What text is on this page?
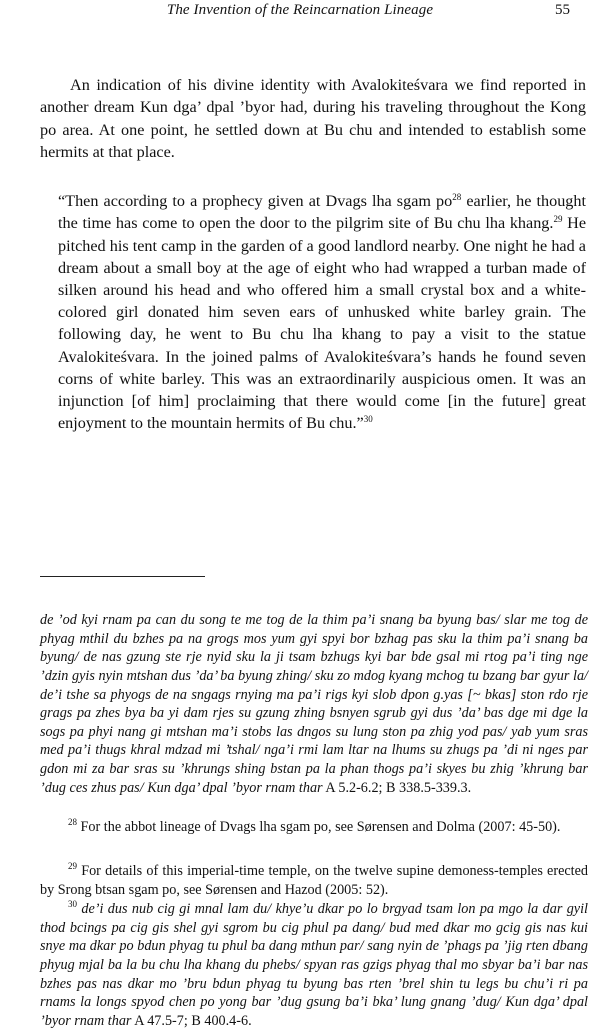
The Invention of the Reincarnation Lineage	55

An indication of his divine identity with Avalokiteśvara we find reported in another dream Kun dga’ dpal ’byor had, during his traveling throughout the Kong po area. At one point, he settled down at Bu chu and intended to establish some hermits at that place.

“Then according to a prophecy given at Dvags lha sgam $po^{28}$ earlier, he thought the time has come to open the door to the pilgrim site of Bu chu lha khang.$^{29}$ He pitched his tent camp in the garden of a good landlord nearby. One night he had a dream about a small boy at the age of eight who had wrapped a turban made of silken around his head and who offered him a small crystal box and a white-colored girl donated him seven ears of unhusked white barley grain. The following day, he went to Bu chu lha khang to pay a visit to the statue Avalokiteśvara. In the joined palms of Avalokiteśvara’s hands he found seven corns of white barley. This was an extraordinarily auspicious omen. It was an injunction [of him] proclaiming that there would come [in the future] great enjoyment to the mountain hermits of Bu chu.”$^{30}$

de ’od kyi rnam pa can du song te me tog de la thim pa’i snang ba byung bas/ slar me tog de phyag mthil du bzhes pa na grogs mos yum gyi spyi bor bzhag pas sku la thim pa’i snang ba byung/ de nas gzung ste rje nyid sku la ji tsam bzhugs kyi bar bde gsal mi rtog pa’i ting nge ’dzin gyis nyin mtshan dus ’da’ ba byung zhing/ sku zo mdog kyang mchog tu bzang bar gyur la/ de’i tshe sa phyogs de na sngags rnying ma pa’i rigs kyi slob dpon g.yas [~ bkas] ston rdo rje grags pa zhes bya ba yi dam rjes su gzung zhing bsnyen sgrub gyi dus ’da’ bas dge mi dge la sogs pa phyi nang gi mtshan ma’i stobs las dngos su lung ston pa zhig yod pas/ yab yum sras med pa’i thugs khral mdzad mi ’tshal/ nga’i rmi lam ltar na lhums su zhugs pa ’di ni nges par gdon mi za bar sras su ’khrungs shing bstan pa la phan thogs pa’i skyes bu zhig ’khrung bar ’dug ces zhus pas/ Kun dga’ dpal ’byor rnam thar A 5.2-6.2; B 338.5-339.3.

$^{28}$ For the abbot lineage of Dvags lha sgam po, see Sørensen and Dolma (2007: 45-50).

$^{29}$ For details of this imperial-time temple, on the twelve supine demoness-temples erected by Srong btsan sgam po, see Sørensen and Hazod (2005: 52).

$^{30}$ de’i dus nub cig gi mnal lam du/ khye’u dkar po lo brgyad tsam lon pa mgo la dar gyil thod bcings pa cig gis shel gyi sgrom bu cig phul pa dang/ bud med dkar mo gcig gis nas kui snye ma dkar po bdun phyag tu phul ba dang mthun par/ sang nyin de ’phags pa ’jig rten dbang phyug mjal ba la bu chu lha khang du phebs/ spyan ras gzigs phyag thal mo sbyar ba’i bar nas bzhes pas nas dkar mo ’bru bdun phyag tu byung bas rten ’brel shin tu legs bu chu’i ri pa rnams la longs spyod chen po yong bar ’dug gsung ba’i bka’ lung gnang ’dug/ Kun dga’ dpal ’byor rnam thar A 47.5-7; B 400.4-6.
